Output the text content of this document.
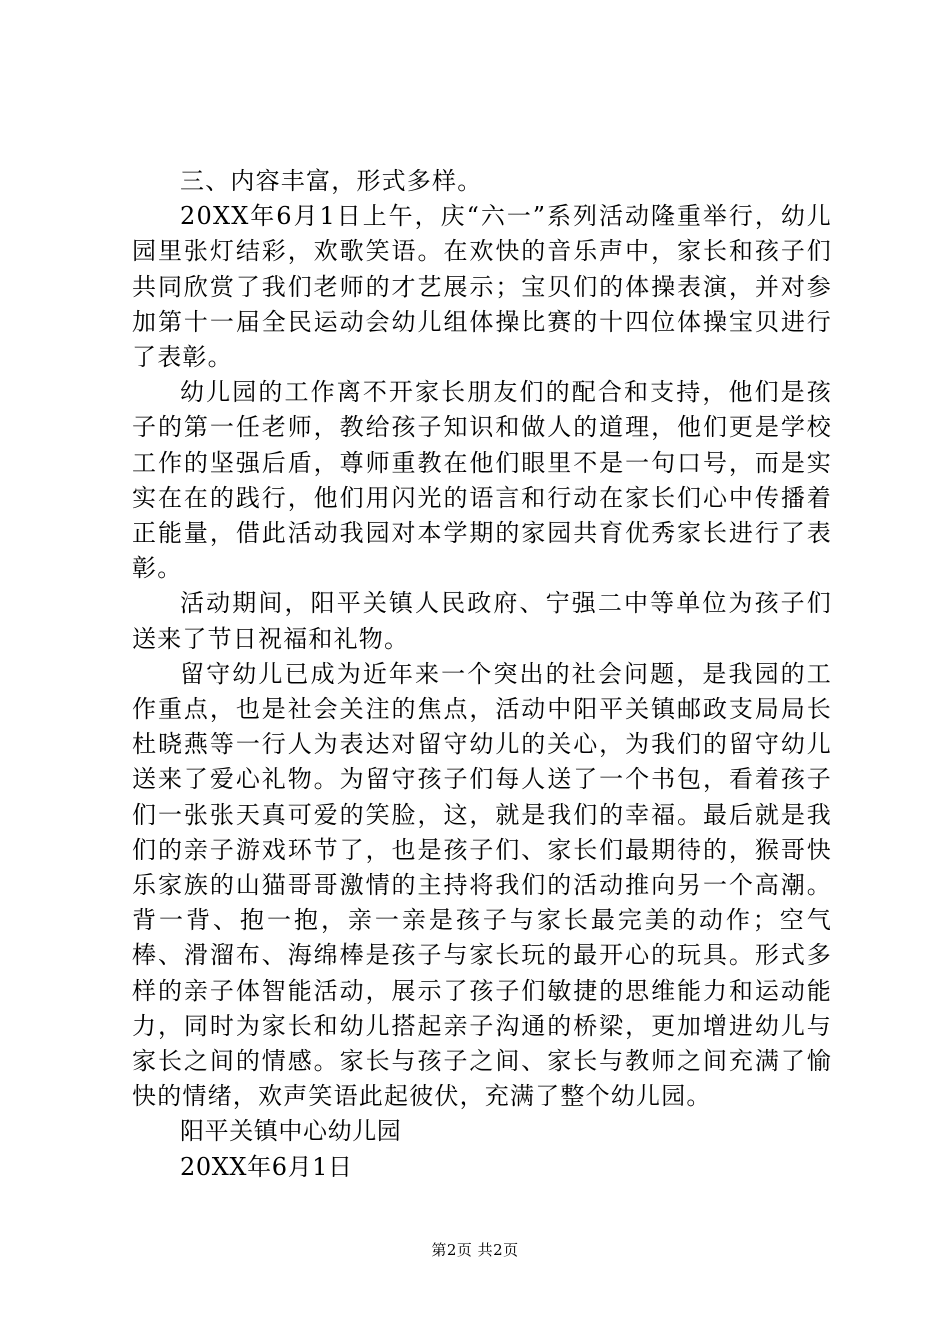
三、内容丰富，形式多样。

20XX年6月1日上午，庆“六一”系列活动隆重举行，幼儿园里张灯结彩，欢歌笑语。在欢快的音乐声中，家长和孩子们共同欣赏了我们老师的才艺展示；宝贝们的体操表演，并对参加第十一届全民运动会幼儿组体操比赛的十四位体操宝贝进行了表彰。

幼儿园的工作离不开家长朋友们的配合和支持，他们是孩子的第一任老师，教给孩子知识和做人的道理，他们更是学校工作的坚强后盾，尊师重教在他们眼里不是一句口号，而是实实在在的践行，他们用闪光的语言和行动在家长们心中传播着正能量，借此活动我园对本学期的家园共育优秀家长进行了表彰。

活动期间，阳平关镇人民政府、宁强二中等单位为孩子们送来了节日祝福和礼物。

留守幼儿已成为近年来一个突出的社会问题，是我园的工作重点，也是社会关注的焦点，活动中阳平关镇邮政支局局长杜晓燕等一行人为表达对留守幼儿的关心，为我们的留守幼儿送来了爱心礼物。为留守孩子们每人送了一个书包，看着孩子们一张张天真可爱的笑脸，这，就是我们的幸福。最后就是我们的亲子游戏环节了，也是孩子们、家长们最期待的，猴哥快乐家族的山猫哥哥激情的主持将我们的活动推向另一个高潮。背一背、抱一抱，亲一亲是孩子与家长最完美的动作；空气棒、滑溜布、海绵棒是孩子与家长玩的最开心的玩具。形式多样的亲子体智能活动，展示了孩子们敏捷的思维能力和运动能力，同时为家长和幼儿搭起亲子沟通的桥梁，更加增进幼儿与家长之间的情感。家长与孩子之间、家长与教师之间充满了愉快的情绪，欢声笑语此起彼伏，充满了整个幼儿园。

阳平关镇中心幼儿园

20XX年6月1日

第2页 共2页
